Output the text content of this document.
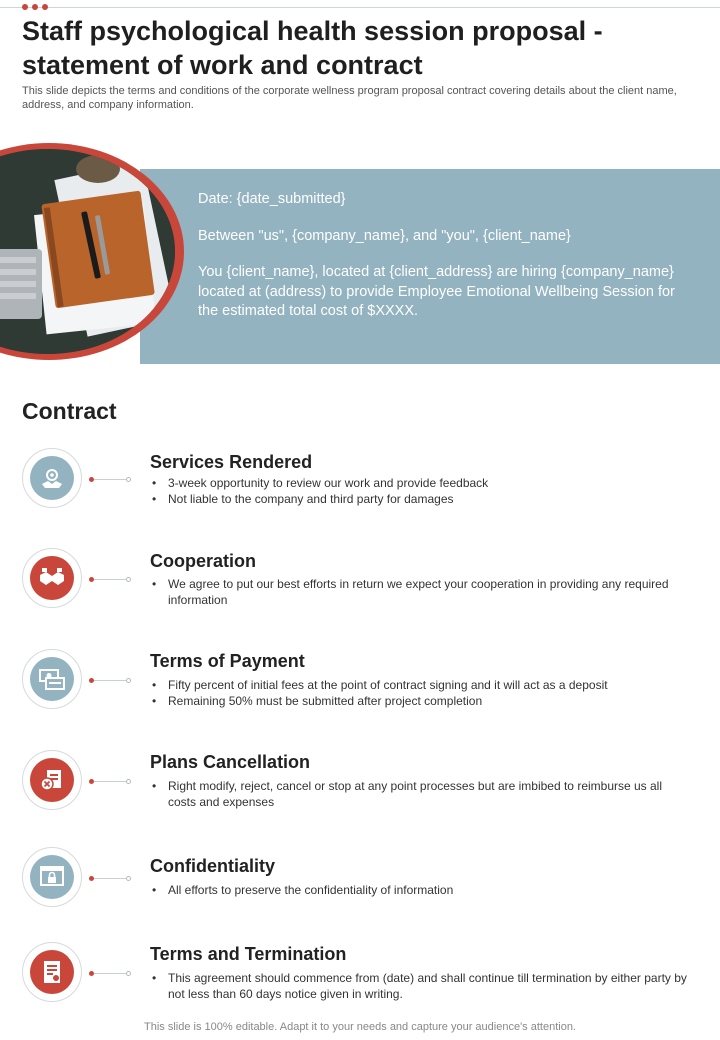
Staff psychological health session proposal - statement of work and contract

This slide depicts the terms and conditions of the corporate wellness program proposal contract covering details about the client name, address, and company information.

Date: {date_submitted}

Between "us", {company_name}, and "you", {client_name}

You {client_name}, located at {client_address} are hiring {company_name} located at (address) to provide Employee Emotional Wellbeing Session for the estimated total cost of $XXXX.

Contract
Services Rendered
• 3-week opportunity to review our work and provide feedback
• Not liable to the company and third party for damages
Cooperation
• We agree to put our best efforts in return we expect your cooperation in providing any required information
Terms of Payment
• Fifty percent of initial fees at the point of contract signing and it will act as a deposit
• Remaining 50% must be submitted after project completion
Plans Cancellation
• Right modify, reject, cancel or stop at any point processes but are imbibed to reimburse us all costs and expenses
Confidentiality
• All efforts to preserve the confidentiality of information
Terms and Termination
• This agreement should commence from (date) and shall continue till termination by either party by not less than 60 days notice given in writing.
This slide is 100% editable. Adapt it to your needs and capture your audience's attention.
